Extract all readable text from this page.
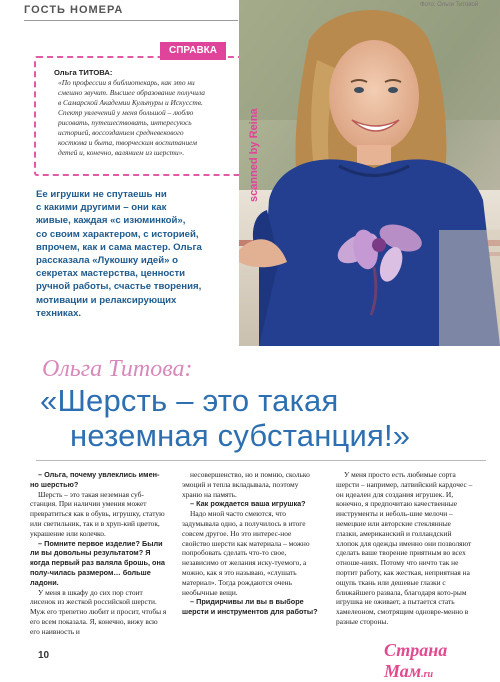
ГОСТЬ НОМЕРА
СПРАВКА
Ольга ТИТОВА:
«По профессии я библиотекарь, как это ни
смешно звучит. Высшее образование получила
в Самарской Академии Культуры и Искусств.
Спектр увлечений у меня большой – люблю
рисовать, путешествовать, интересуюсь
историей, воссозданием средневекового
костюма и быта, творческим воспитанием
детей и, конечно, валянием из шерсти».	scanned by Reina
Фото: Ольги Титовой
Ее игрушки не спутаешь ни
с какими другими – они как
живые, каждая «с изюминкой»,
со своим характером, с историей,
впрочем, как и сама мастер. Ольга
рассказала «Лукошку идей» о
секретах мастерства, ценности
ручной работы, счастье творения,
мотивации и релаксирующих
техниках.
Ольга Титова:
«Шерсть – это такая
неземная субстанция!»

– Ольга, почему увлеклись имен-но шерстью?

Шерсть – это такая неземная суб-станция. При наличии умения может превратиться как в обувь, игрушку, статую или светильник, так и в хруп-кий цветок, украшение или колечко.

– Помните первое изделие? Были ли вы довольны результатом? Я когда первый раз валяла брошь, она полу-чилась размером… больше ладони.

У меня в шкафу до сих пор стоит лисенок из жесткой российской шерсти. Муж его трепетно любит и просит, чтобы я его всем показала. Я, конечно, вижу всю его наивность и

несовершенство, но и помню, сколько эмоций и тепла вкладывала, поэтому храню на память.

– Как рождается ваша игрушка?

Надо мной часто смеются, что задумывала одно, а получилось в итоге совсем другое. Но это интерес-ное свойство шерсти как материала – можно попробовать сделать что-то свое, независимо от желания иску-туемого, а можно, как я это называю, «слушать материал». Тогда рождаются очень необычные вещи.

– Придирчивы ли вы в выборе шерсти и инструментов для работы?

У меня просто есть любимые сорта шерсти – например, латвийский кардочес – он идеален для создания игрушек. И, конечно, я предпочитаю качественные инструменты и неболь-шие мелочи – немецкие или авторские стеклянные глазки, американский и голландский хлопок для одежды именно они позволяют сделать ваше творение приятным во всех отноше-ниях. Потому что ничто так не портит работу, как жесткая, неприятная на ощупь ткань или дешевые глазки с ближайшего развала, благодаря кото-рым игрушка не оживает, а пытается стать хамелеоном, смотрящим одновре-менно в разные стороны.

10	Страна Мам.ru
